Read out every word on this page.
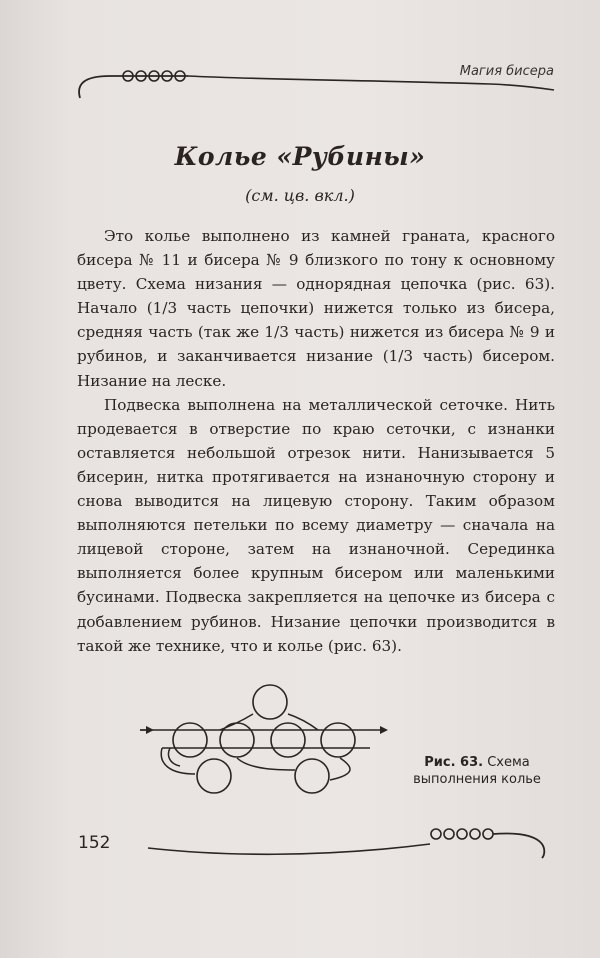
Магия бисера
Колье «Рубины»
(см. цв. вкл.)

Это колье выполнено из камней граната, красного бисера № 11 и бисера № 9 близкого по тону к основному цвету. Схема низания — однорядная цепочка (рис. 63). Начало (1/3 часть цепочки) нижется только из бисера, средняя часть (так же 1/3 часть) нижется из бисера № 9 и рубинов, и заканчивается низание (1/3 часть) бисером. Низание на леске.

Подвеска выполнена на металлической сеточке. Нить продевается в отверстие по краю сеточки, с изнанки оставляется небольшой отрезок нити. Нанизывается 5 бисерин, нитка протягивается на изнаночную сторону и снова выводится на лицевую сторону. Таким образом выполняются петельки по всему диаметру — сначала на лицевой стороне, затем на изнаночной. Серединка выполняется более крупным бисером или маленькими бусинами. Подвеска закрепляется на цепочке из бисера с добавлением рубинов. Низание цепочки производится в такой же технике, что и колье (рис. 63).

Рис. 63. Схема выполнения колье
152
